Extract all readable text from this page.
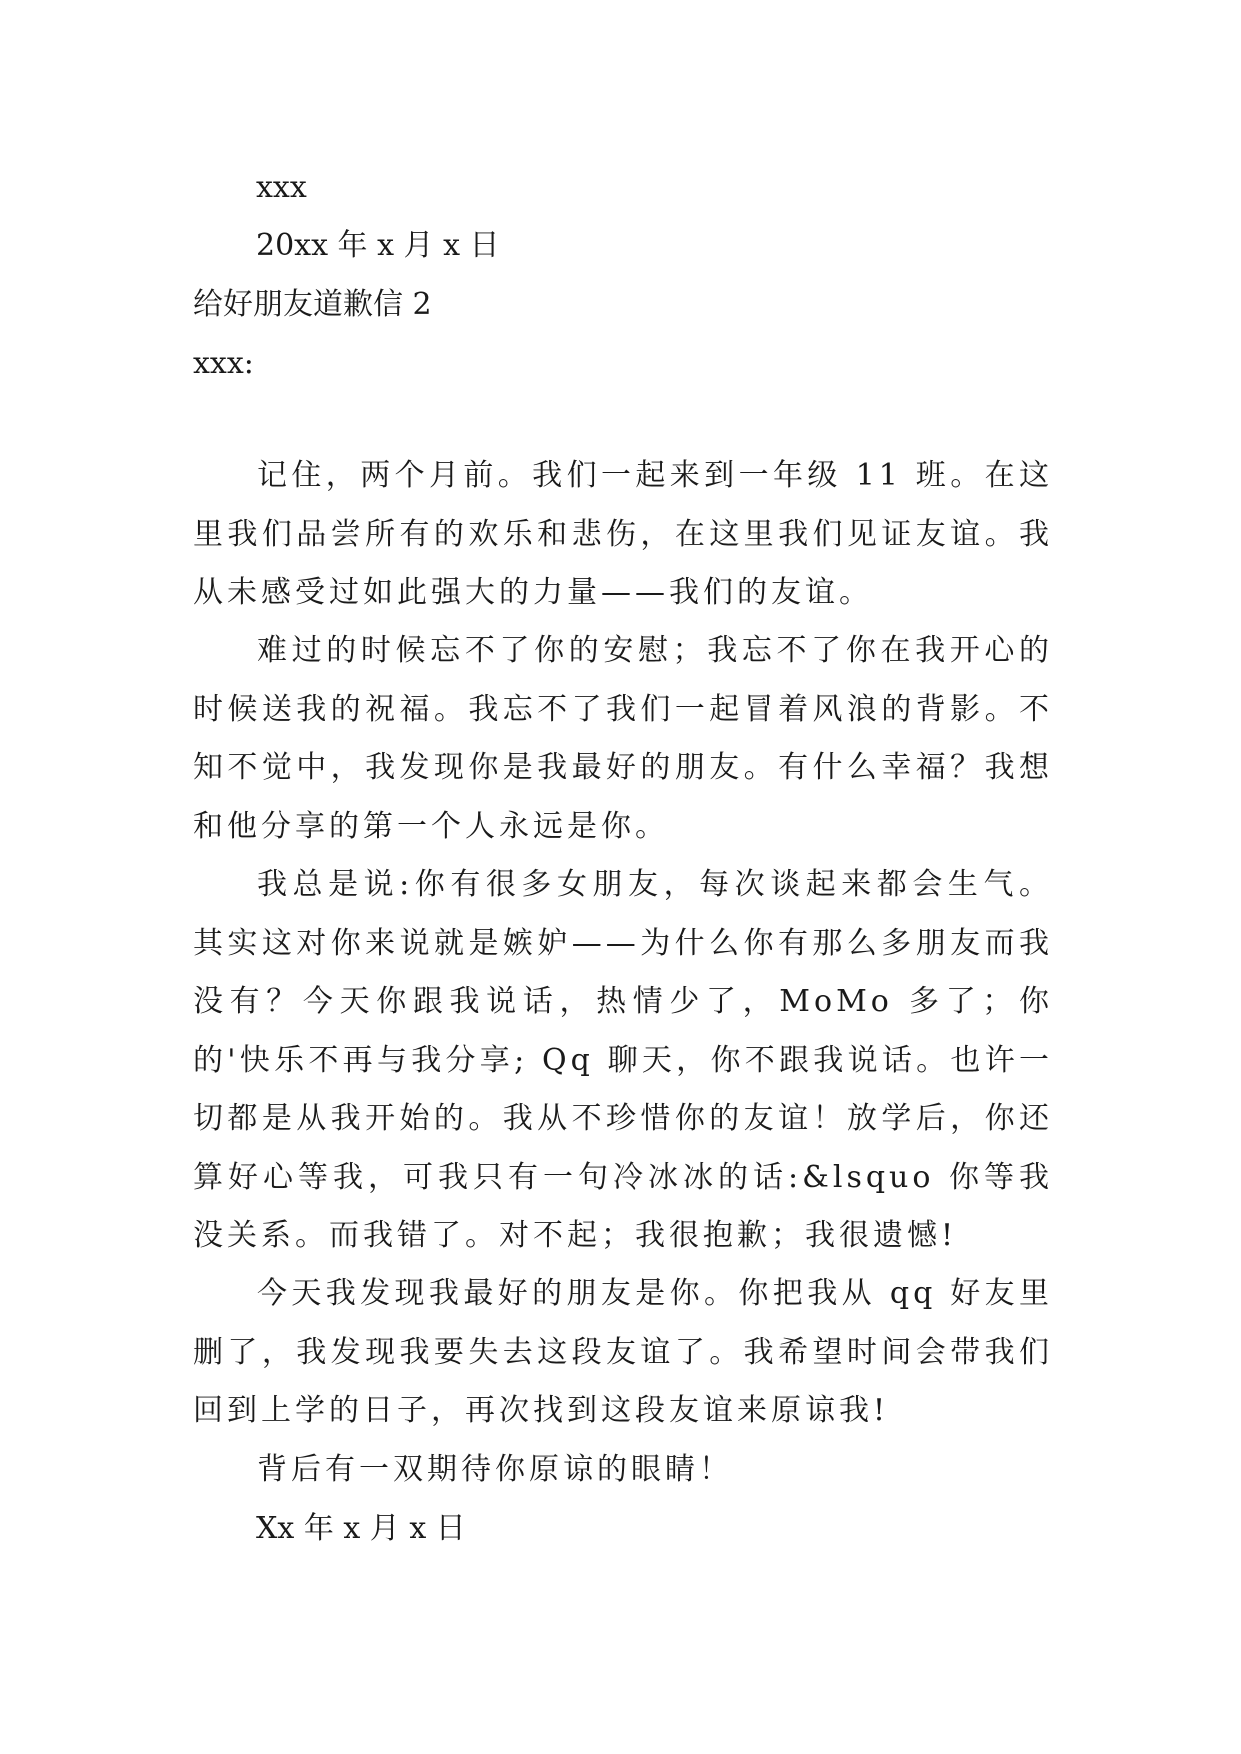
xxx
20xx 年 x 月 x 日
给好朋友道歉信 2
xxx:
记住，两个月前。我们一起来到一年级 11 班。在这里我们品尝所有的欢乐和悲伤，在这里我们见证友谊。我从未感受过如此强大的力量——我们的友谊。
难过的时候忘不了你的安慰；我忘不了你在我开心的时候送我的祝福。我忘不了我们一起冒着风浪的背影。不知不觉中，我发现你是我最好的朋友。有什么幸福？我想和他分享的第一个人永远是你。
我总是说:你有很多女朋友，每次谈起来都会生气。其实这对你来说就是嫉妒——为什么你有那么多朋友而我没有？今天你跟我说话，热情少了，MoMo 多了；你的'快乐不再与我分享; Qq 聊天，你不跟我说话。也许一切都是从我开始的。我从不珍惜你的友谊！放学后，你还算好心等我，可我只有一句冷冰冰的话:&lsquo 你等我没关系。而我错了。对不起；我很抱歉；我很遗憾!
今天我发现我最好的朋友是你。你把我从 qq 好友里删了，我发现我要失去这段友谊了。我希望时间会带我们回到上学的日子，再次找到这段友谊来原谅我!
背后有一双期待你原谅的眼睛！
Xx 年 x 月 x 日
